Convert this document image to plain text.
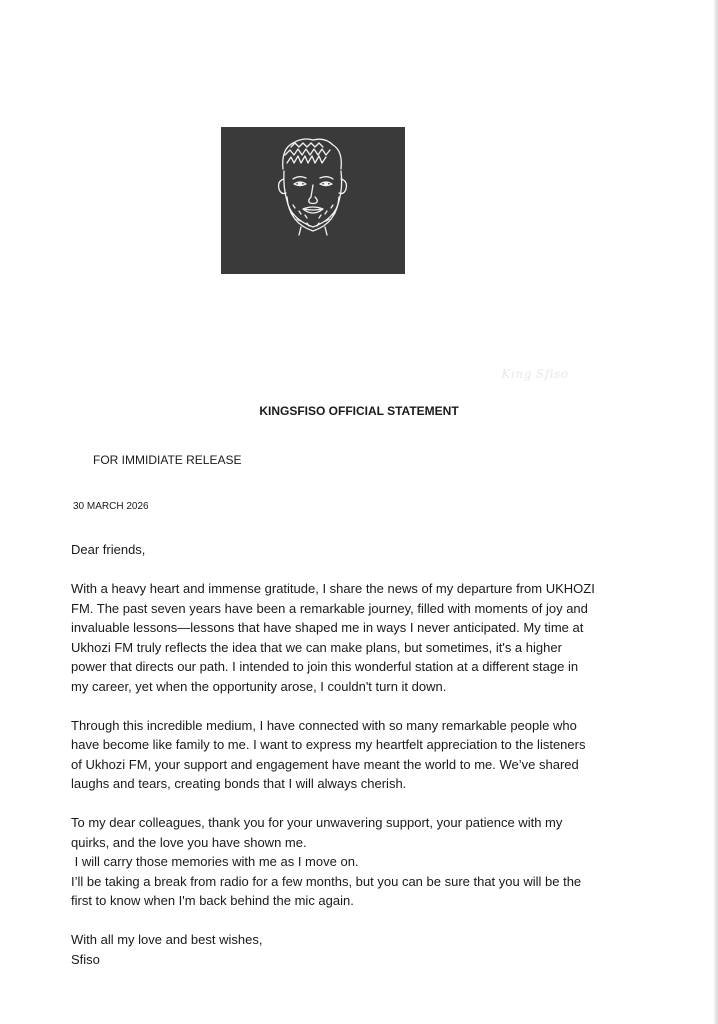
King Sfiso
KINGSFISO OFFICIAL STATEMENT
FOR IMMIDIATE RELEASE
30 MARCH 2026

Dear friends,

With a heavy heart and immense gratitude, I share the news of my departure from UKHOZI
FM. The past seven years have been a remarkable journey, filled with moments of joy and
invaluable lessons—lessons that have shaped me in ways I never anticipated. My time at
Ukhozi FM truly reflects the idea that we can make plans, but sometimes, it's a higher
power that directs our path. I intended to join this wonderful station at a different stage in
my career, yet when the opportunity arose, I couldn't turn it down.

Through this incredible medium, I have connected with so many remarkable people who
have become like family to me. I want to express my heartfelt appreciation to the listeners
of Ukhozi FM, your support and engagement have meant the world to me. We’ve shared
laughs and tears, creating bonds that I will always cherish.

To my dear colleagues, thank you for your unwavering support, your patience with my
quirks, and the love you have shown me.
I will carry those memories with me as I move on.
I’ll be taking a break from radio for a few months, but you can be sure that you will be the
first to know when I'm back behind the mic again.

With all my love and best wishes,
Sfiso
